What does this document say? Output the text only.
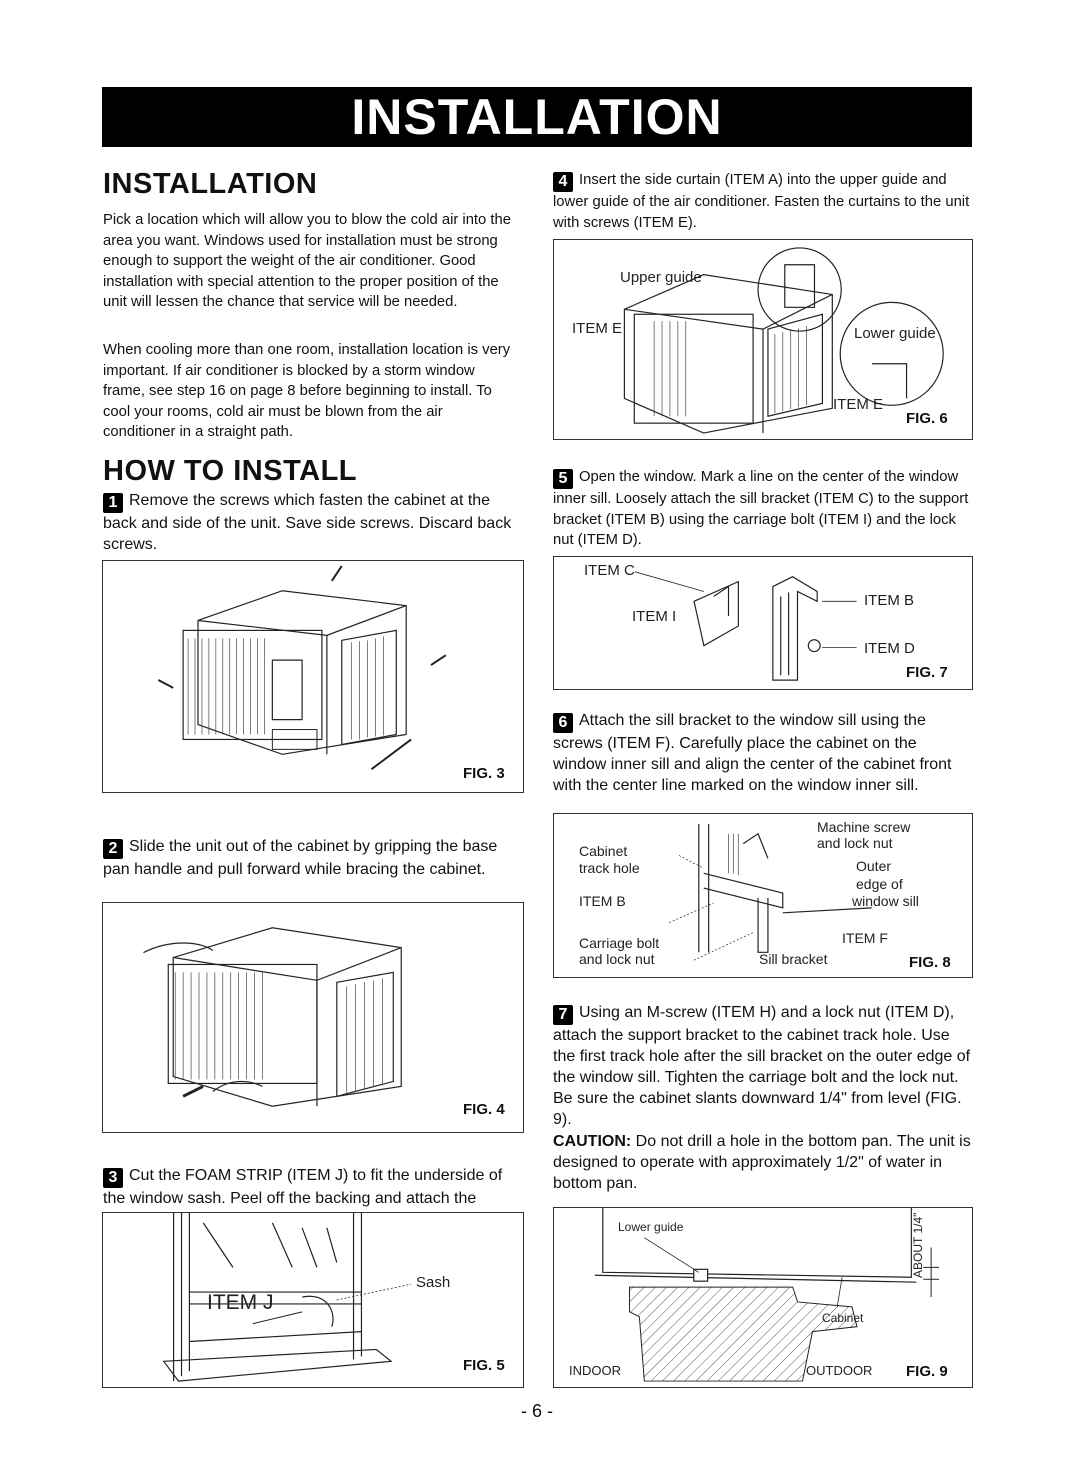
INSTALLATION
INSTALLATION
Pick a location which will allow you to blow the cold air into the area you want. Windows used for installation must be strong enough to support the weight of the air conditioner. Good installation with special attention to the proper position of the unit will lessen the chance that service will be needed.
When cooling more than one room, installation location is very important. If air conditioner is blocked by a storm window frame, see step 16 on page 8 before beginning to install. To cool your rooms, cold air must be blown from the air conditioner in a straight path.
HOW TO INSTALL
1 Remove the screws which fasten the cabinet at the back and side of the unit. Save side screws. Discard back screws.
FIG. 3
2 Slide the unit out of the cabinet by gripping the base pan handle and pull forward while bracing the cabinet.
FIG. 4
3 Cut the FOAM STRIP (ITEM J) to fit the underside of the window sash. Peel off the backing and attach the
Sash
ITEM J
FIG. 5
4 Insert the side curtain (ITEM A) into the upper guide and lower guide of the air conditioner. Fasten the curtains to the unit with screws (ITEM E).
Upper guide
ITEM E	Lower guide
ITEM E
FIG. 6
5 Open the window. Mark a line on the center of the window inner sill. Loosely attach the sill bracket (ITEM C) to the support bracket (ITEM B) using the carriage bolt (ITEM I) and the lock nut (ITEM D).
ITEM C
ITEM I
ITEM B
ITEM D
FIG. 7
6 Attach the sill bracket to the window sill using the screws (ITEM F). Carefully place the cabinet on the window inner sill and align the center of the cabinet front with the center line marked on the window inner sill.
Cabinet
track hole
ITEM B
Carriage bolt
and lock nut
Machine screw
and lock nut
Outer
edge of
window sill
ITEM F
Sill bracket	FIG. 8
7 Using an M-screw (ITEM H) and a lock nut (ITEM D), attach the support bracket to the cabinet track hole. Use the first track hole after the sill bracket on the outer edge of the window sill. Tighten the carriage bolt and the lock nut. Be sure the cabinet slants downward 1/4" from level (FIG. 9).
CAUTION: Do not drill a hole in the bottom pan. The unit is designed to operate with approximately 1/2" of water in bottom pan.
Lower guide
Cabinet
INDOOR	OUTDOOR
ABOUT 1/4"
FIG. 9
- 6 -
